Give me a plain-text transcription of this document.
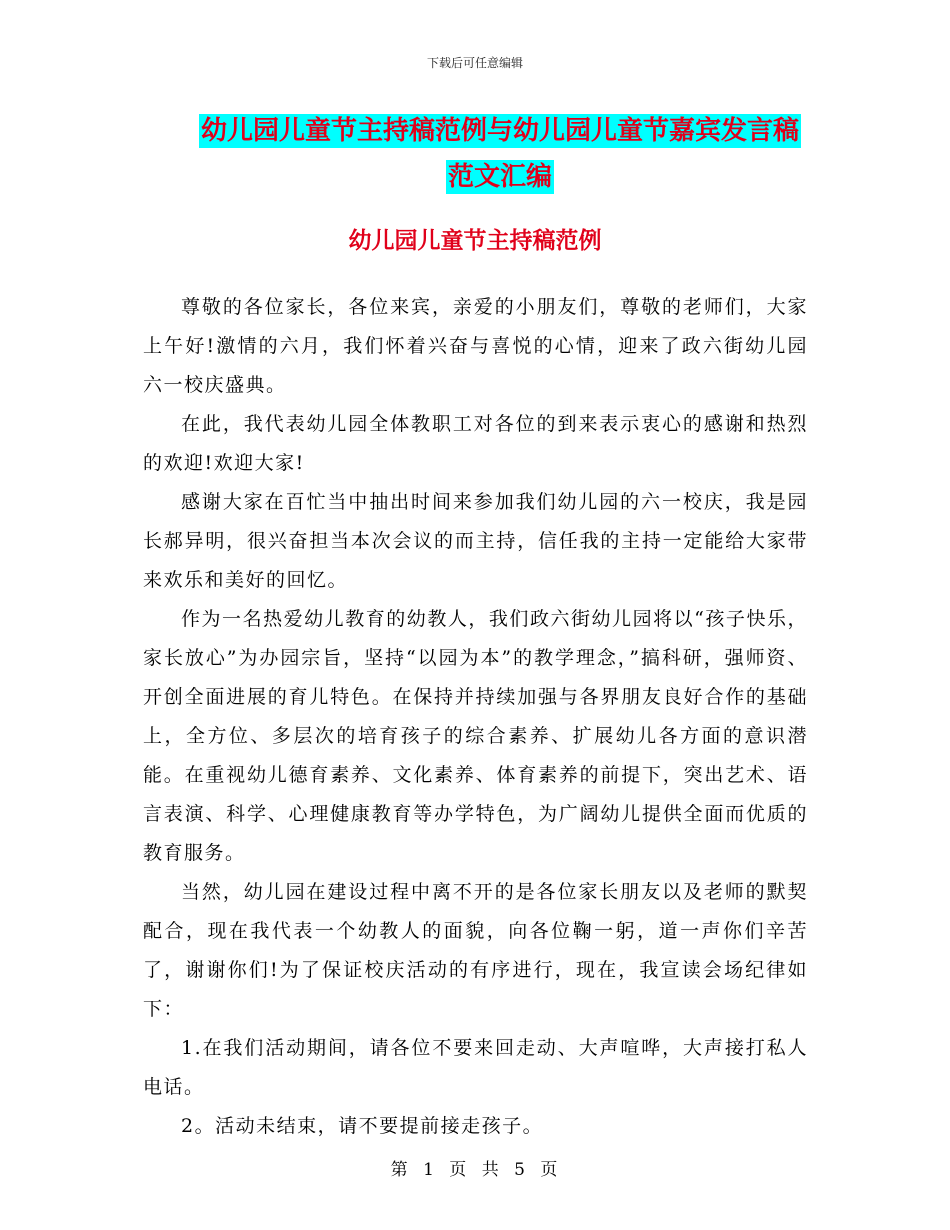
下载后可任意编辑
幼儿园儿童节主持稿范例与幼儿园儿童节嘉宾发言稿
范文汇编
幼儿园儿童节主持稿范例

尊敬的各位家长，各位来宾，亲爱的小朋友们，尊敬的老师们，大家上午好!激情的六月，我们怀着兴奋与喜悦的心情，迎来了政六街幼儿园六一校庆盛典。

在此，我代表幼儿园全体教职工对各位的到来表示衷心的感谢和热烈的欢迎!欢迎大家!

感谢大家在百忙当中抽出时间来参加我们幼儿园的六一校庆，我是园长郝异明，很兴奋担当本次会议的而主持，信任我的主持一定能给大家带来欢乐和美好的回忆。

作为一名热爱幼儿教育的幼教人，我们政六街幼儿园将以“孩子快乐，家长放心”为办园宗旨，坚持“以园为本”的教学理念，”搞科研，强师资、开创全面进展的育儿特色。在保持并持续加强与各界朋友良好合作的基础上，全方位、多层次的培育孩子的综合素养、扩展幼儿各方面的意识潜能。在重视幼儿德育素养、文化素养、体育素养的前提下，突出艺术、语言表演、科学、心理健康教育等办学特色，为广阔幼儿提供全面而优质的教育服务。

当然，幼儿园在建设过程中离不开的是各位家长朋友以及老师的默契配合，现在我代表一个幼教人的面貌，向各位鞠一躬，道一声你们辛苦了，谢谢你们!为了保证校庆活动的有序进行，现在，我宣读会场纪律如下：

1.在我们活动期间，请各位不要来回走动、大声喧哗，大声接打私人电话。

2。活动未结束，请不要提前接走孩子。

第 1 页 共 5 页
